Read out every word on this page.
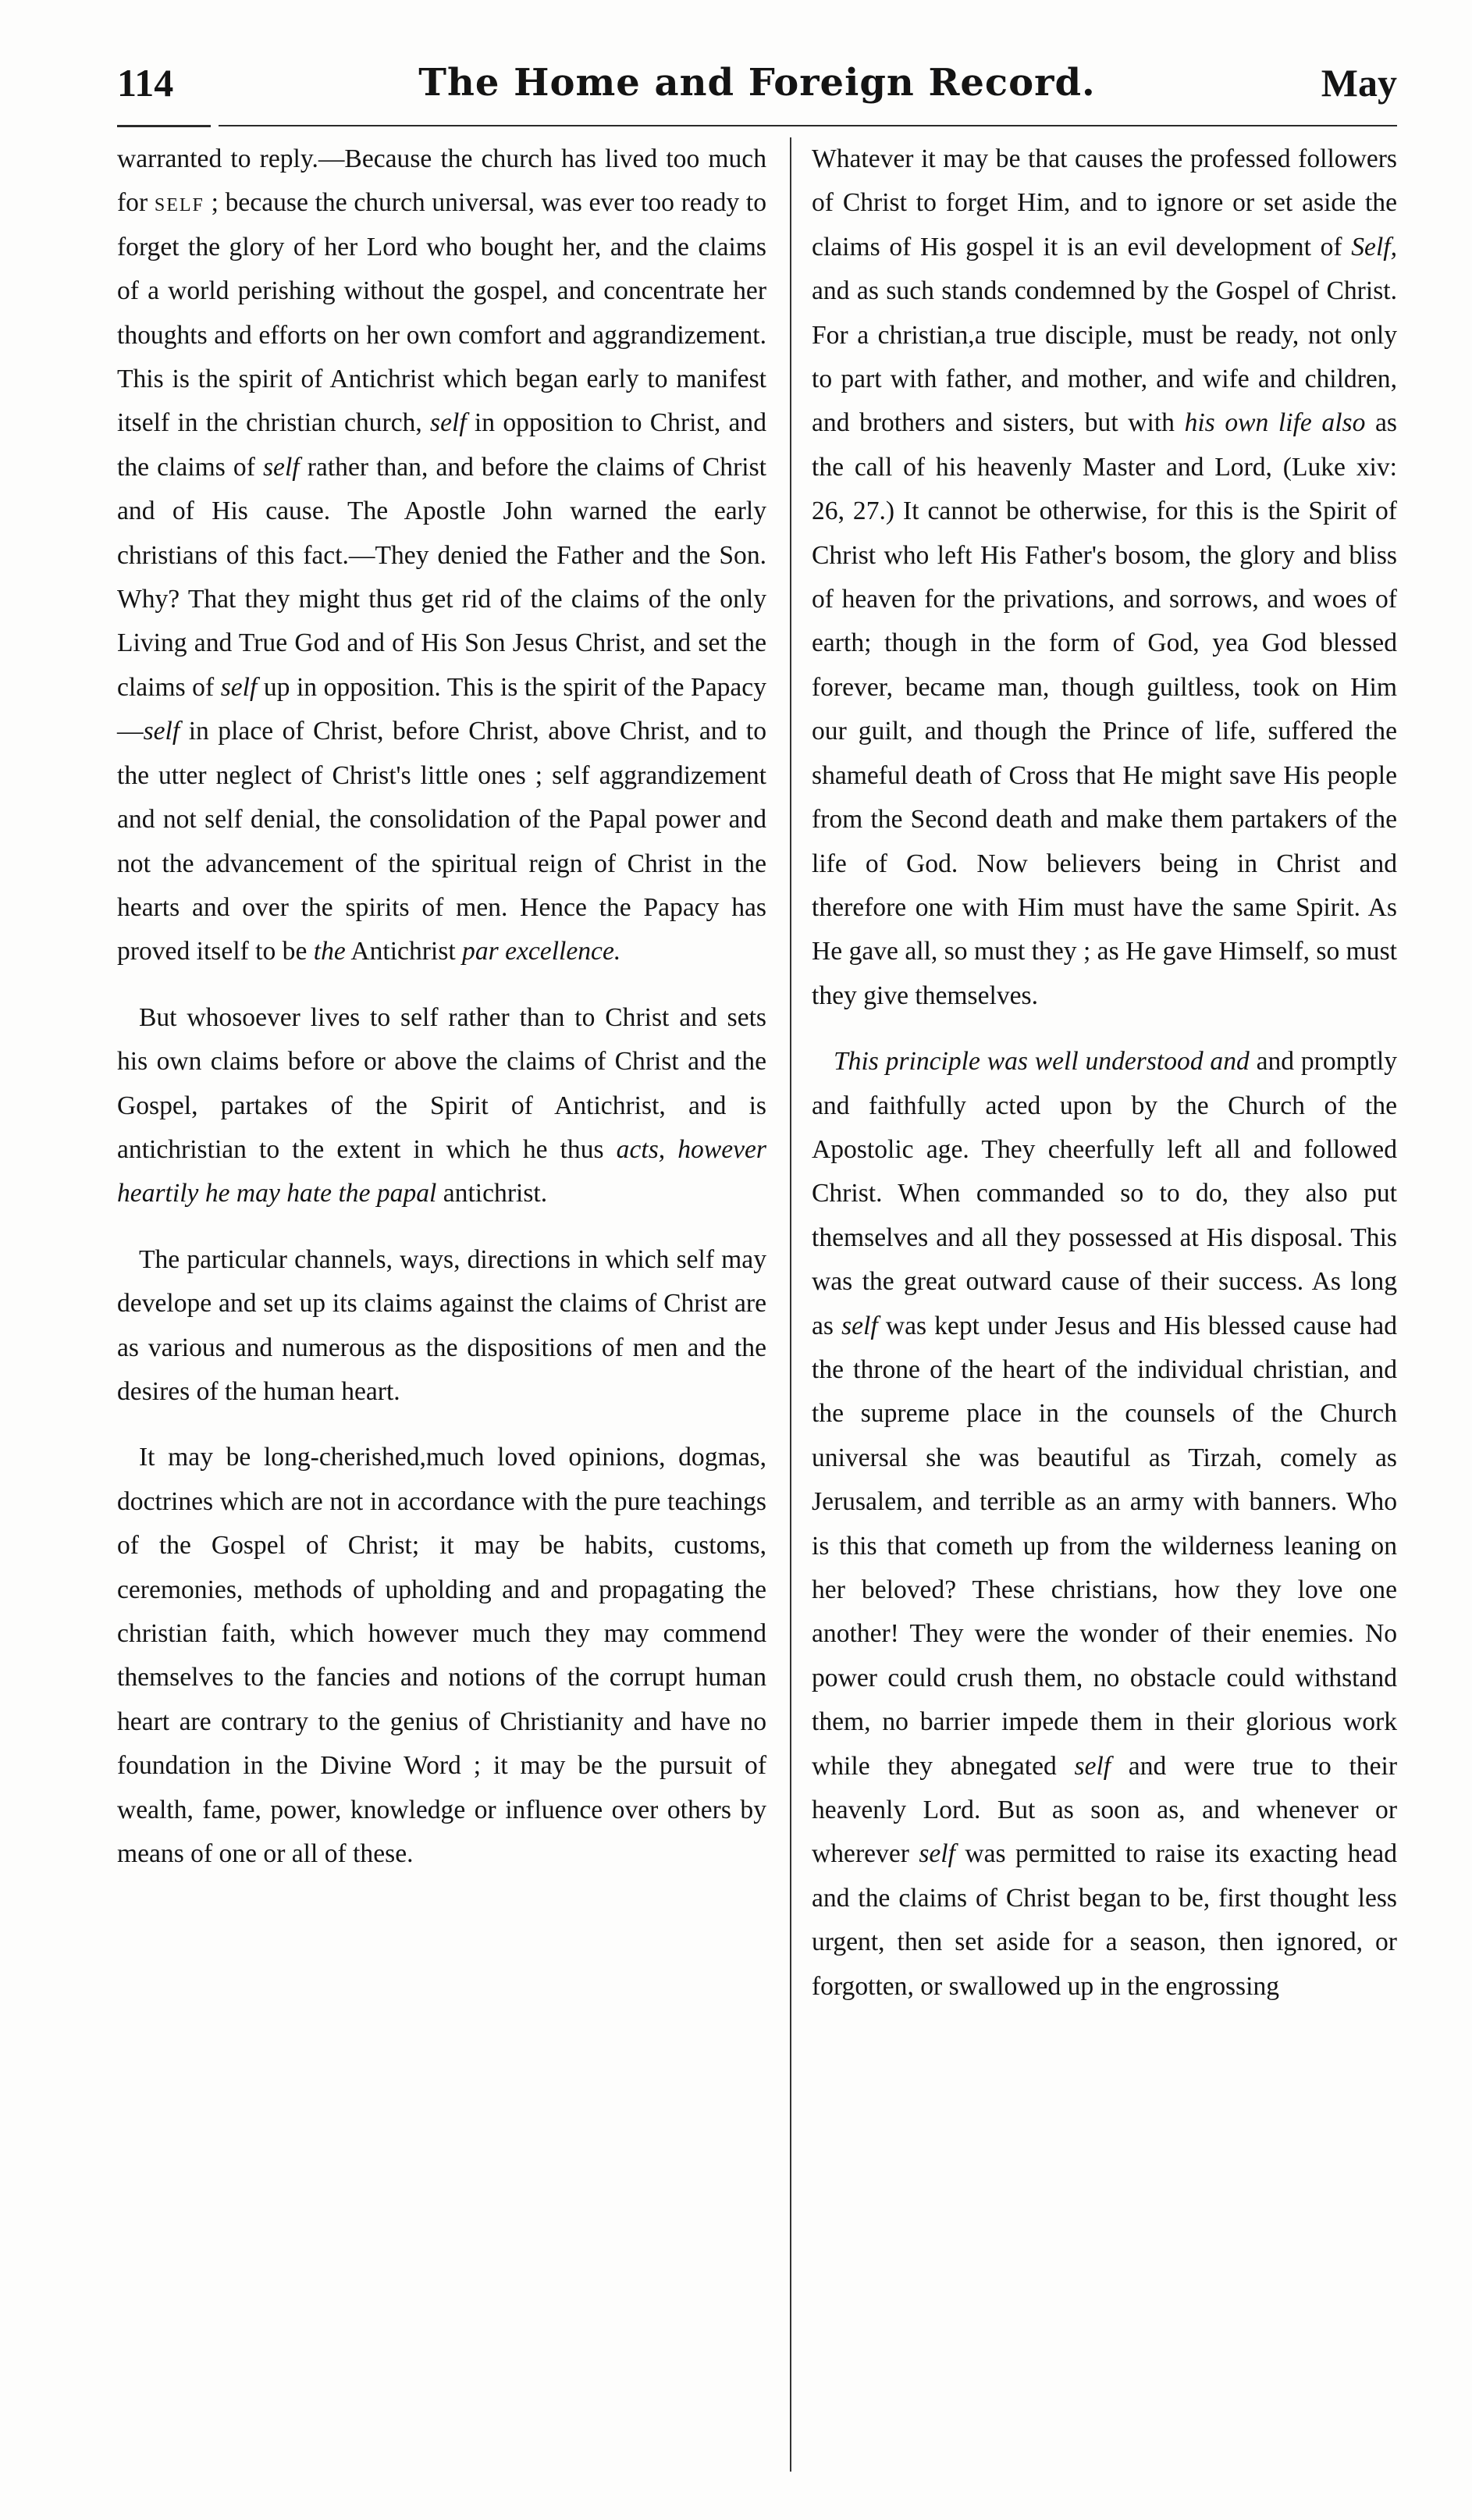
114	The Home and Foreign Record.	May

warranted to reply.—Because the church has lived too much for self ; because the church universal, was ever too ready to forget the glory of her Lord who bought her, and the claims of a world perishing without the gospel, and concentrate her thoughts and efforts on her own comfort and aggrandizement. This is the spirit of Antichrist which began early to manifest itself in the christian church, self in opposition to Christ, and the claims of self rather than, and before the claims of Christ and of His cause. The Apostle John warned the early christians of this fact.—They denied the Father and the Son. Why? That they might thus get rid of the claims of the only Living and True God and of His Son Jesus Christ, and set the claims of self up in opposition. This is the spirit of the Papacy—self in place of Christ, before Christ, above Christ, and to the utter neglect of Christ's little ones ; self aggrandizement and not self denial, the consolidation of the Papal power and not the advancement of the spiritual reign of Christ in the hearts and over the spirits of men. Hence the Papacy has proved itself to be the Antichrist par excellence.

But whosoever lives to self rather than to Christ and sets his own claims before or above the claims of Christ and the Gospel, partakes of the Spirit of Antichrist, and is antichristian to the extent in which he thus acts, however heartily he may hate the papal antichrist.

The particular channels, ways, directions in which self may develope and set up its claims against the claims of Christ are as various and numerous as the dispositions of men and the desires of the human heart.

It may be long-cherished,much loved opinions, dogmas, doctrines which are not in accordance with the pure teachings of the Gospel of Christ; it may be habits, customs, ceremonies, methods of upholding and and propagating the christian faith, which however much they may commend themselves to the fancies and notions of the corrupt human heart are contrary to the genius of Christianity and have no foundation in the Divine Word ; it may be the pursuit of wealth, fame, power, knowledge or influence over others by means of one or all of these.

Whatever it may be that causes the professed followers of Christ to forget Him, and to ignore or set aside the claims of His gospel it is an evil development of Self, and as such stands condemned by the Gospel of Christ. For a christian,a true disciple, must be ready, not only to part with father, and mother, and wife and children, and brothers and sisters, but with his own life also as the call of his heavenly Master and Lord, (Luke xiv: 26, 27.) It cannot be otherwise, for this is the Spirit of Christ who left His Father's bosom, the glory and bliss of heaven for the privations, and sorrows, and woes of earth; though in the form of God, yea God blessed forever, became man, though guiltless, took on Him our guilt, and though the Prince of life, suffered the shameful death of Cross that He might save His people from the Second death and make them partakers of the life of God. Now believers being in Christ and therefore one with Him must have the same Spirit. As He gave all, so must they ; as He gave Himself, so must they give themselves.

This principle was well understood and and promptly and faithfully acted upon by the Church of the Apostolic age. They cheerfully left all and followed Christ. When commanded so to do, they also put themselves and all they possessed at His disposal. This was the great outward cause of their success. As long as self was kept under Jesus and His blessed cause had the throne of the heart of the individual christian, and the supreme place in the counsels of the Church universal she was beautiful as Tirzah, comely as Jerusalem, and terrible as an army with banners. Who is this that cometh up from the wilderness leaning on her beloved? These christians, how they love one another! They were the wonder of their enemies. No power could crush them, no obstacle could withstand them, no barrier impede them in their glorious work while they abnegated self and were true to their heavenly Lord. But as soon as, and whenever or wherever self was permitted to raise its exacting head and the claims of Christ began to be, first thought less urgent, then set aside for a season, then ignored, or forgotten, or swallowed up in the engrossing
